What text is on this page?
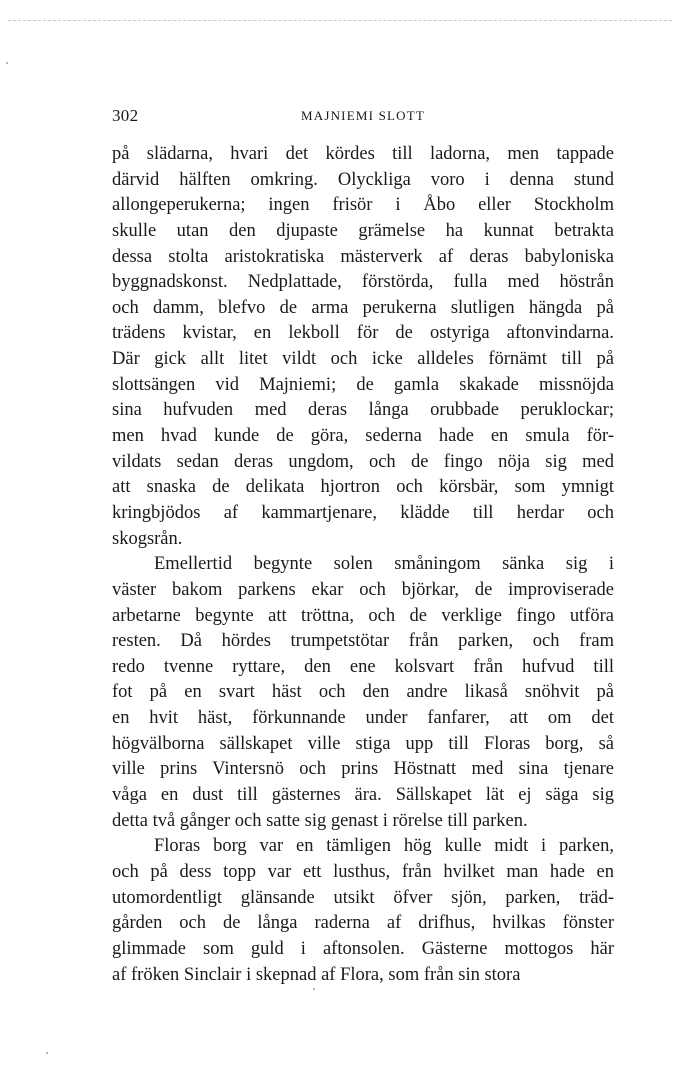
302	MAJNIEMI SLOTT
på slädarna, hvari det kördes till ladorna, men tappade
därvid hälften omkring. Olyckliga voro i denna stund
allongeperukerna; ingen frisör i Åbo eller Stockholm
skulle utan den djupaste grämelse ha kunnat betrakta
dessa stolta aristokratiska mästerverk af deras babyloniska
byggnadskonst. Nedplattade, förstörda, fulla med höstrån
och damm, blefvo de arma perukerna slutligen hängda på
trädens kvistar, en lekboll för de ostyriga aftonvindarna.
Där gick allt litet vildt och icke alldeles förnämt till på
slottsängen vid Majniemi; de gamla skakade missnöjda
sina hufvuden med deras långa orubbade peruklockar;
men hvad kunde de göra, sederna hade en smula för-
vildats sedan deras ungdom, och de fingo nöja sig med
att snaska de delikata hjortron och körsbär, som ymnigt
kringbjödos af kammartjenare, klädde till herdar och
skogsrån.
Emellertid begynte solen småningom sänka sig i
väster bakom parkens ekar och björkar, de improviserade
arbetarne begynte att tröttna, och de verklige fingo utföra
resten. Då hördes trumpetstötar från parken, och fram
redo tvenne ryttare, den ene kolsvart från hufvud till
fot på en svart häst och den andre likaså snöhvit på
en hvit häst, förkunnande under fanfarer, att om det
högvälborna sällskapet ville stiga upp till Floras borg, så
ville prins Vintersnö och prins Höstnatt med sina tjenare
våga en dust till gästernes ära. Sällskapet lät ej säga sig
detta två gånger och satte sig genast i rörelse till parken.
Floras borg var en tämligen hög kulle midt i parken,
och på dess topp var ett lusthus, från hvilket man hade en
utomordentligt glänsande utsikt öfver sjön, parken, träd-
gården och de långa raderna af drifhus, hvilkas fönster
glimmade som guld i aftonsolen. Gästerne mottogos här
af fröken Sinclair i skepnad af Flora, som från sin stora
